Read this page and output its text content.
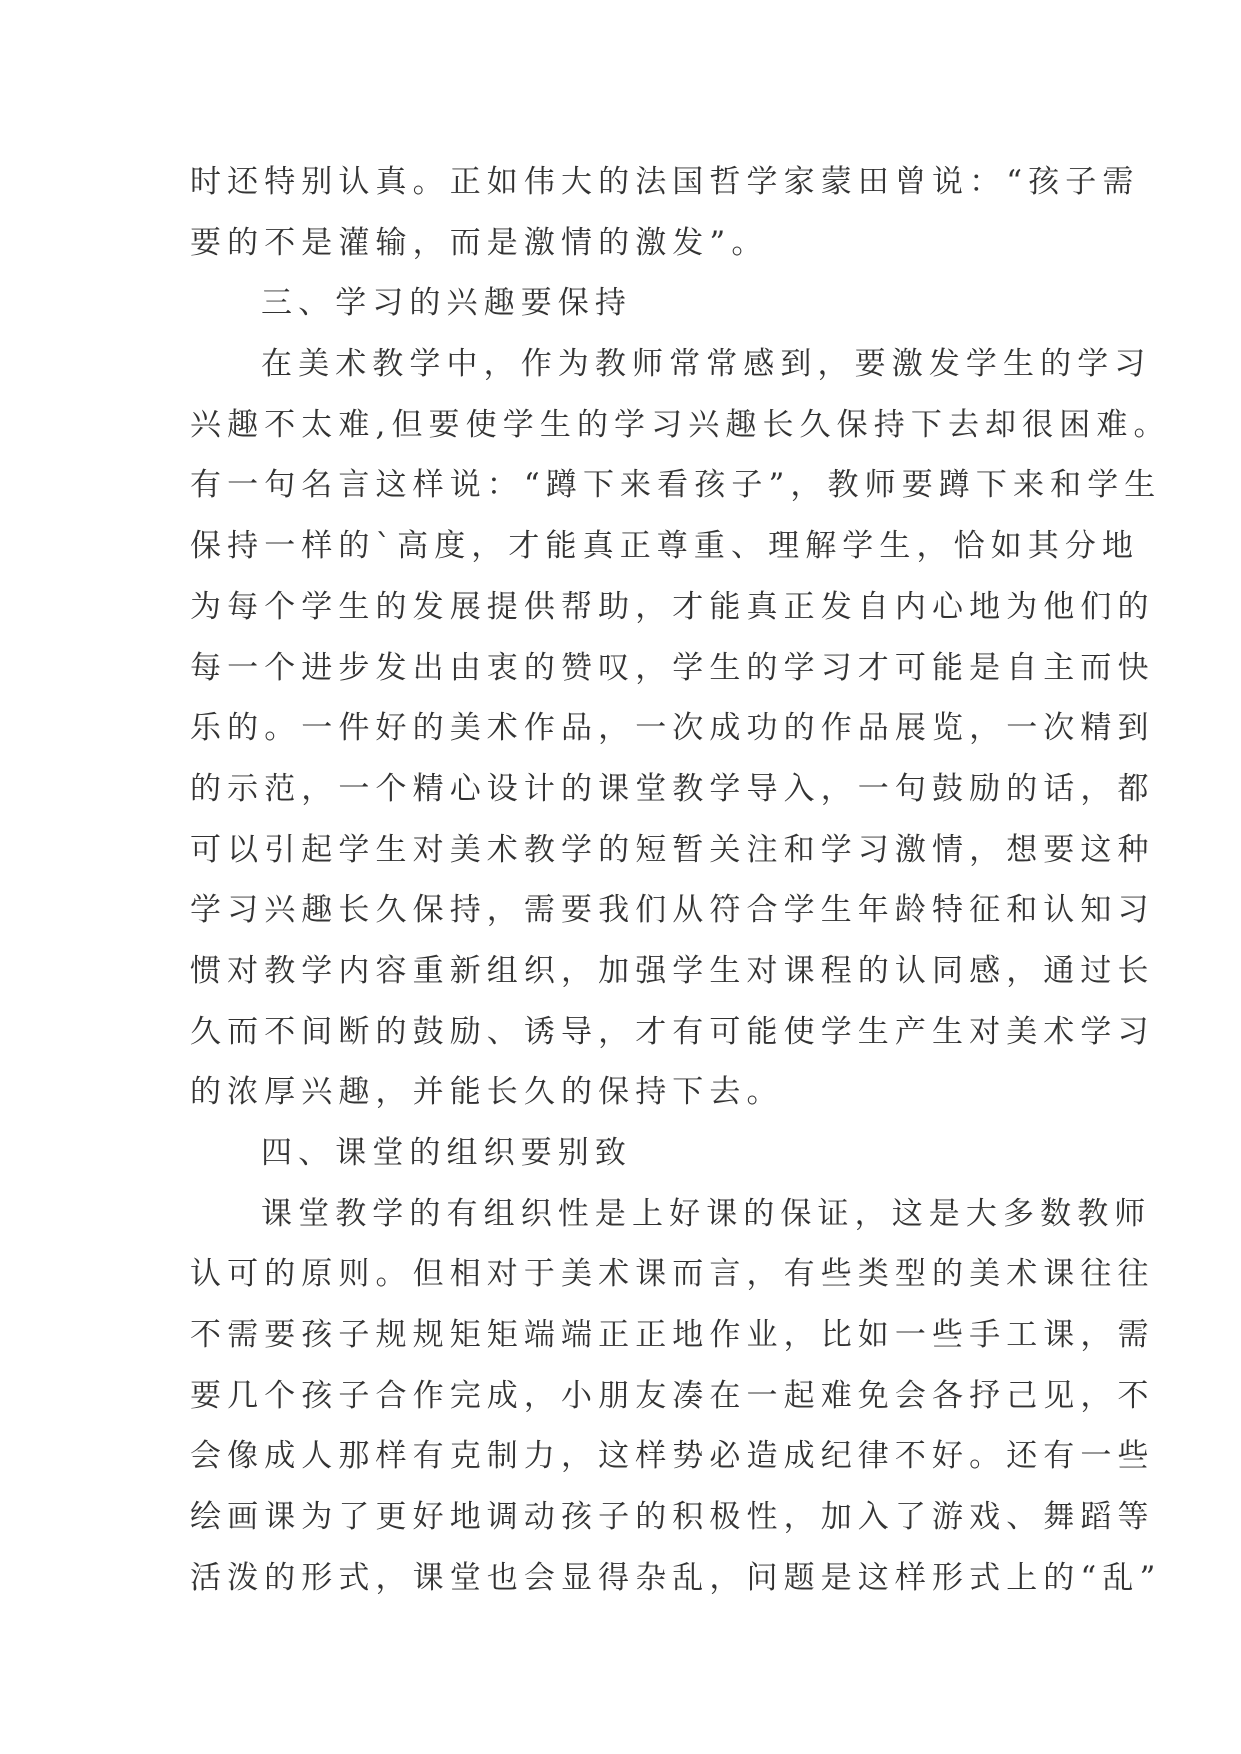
时还特别认真。正如伟大的法国哲学家蒙田曾说：“孩子需
要的不是灌输，而是激情的激发”。
三、学习的兴趣要保持
在美术教学中，作为教师常常感到，要激发学生的学习
兴趣不太难,但要使学生的学习兴趣长久保持下去却很困难。
有一句名言这样说：“蹲下来看孩子”，教师要蹲下来和学生
保持一样的`高度，才能真正尊重、理解学生，恰如其分地
为每个学生的发展提供帮助，才能真正发自内心地为他们的
每一个进步发出由衷的赞叹，学生的学习才可能是自主而快
乐的。一件好的美术作品，一次成功的作品展览，一次精到
的示范，一个精心设计的课堂教学导入，一句鼓励的话，都
可以引起学生对美术教学的短暂关注和学习激情，想要这种
学习兴趣长久保持，需要我们从符合学生年龄特征和认知习
惯对教学内容重新组织，加强学生对课程的认同感，通过长
久而不间断的鼓励、诱导，才有可能使学生产生对美术学习
的浓厚兴趣，并能长久的保持下去。
四、课堂的组织要别致
课堂教学的有组织性是上好课的保证，这是大多数教师
认可的原则。但相对于美术课而言，有些类型的美术课往往
不需要孩子规规矩矩端端正正地作业，比如一些手工课，需
要几个孩子合作完成，小朋友凑在一起难免会各抒己见，不
会像成人那样有克制力，这样势必造成纪律不好。还有一些
绘画课为了更好地调动孩子的积极性，加入了游戏、舞蹈等
活泼的形式，课堂也会显得杂乱，问题是这样形式上的“乱”
